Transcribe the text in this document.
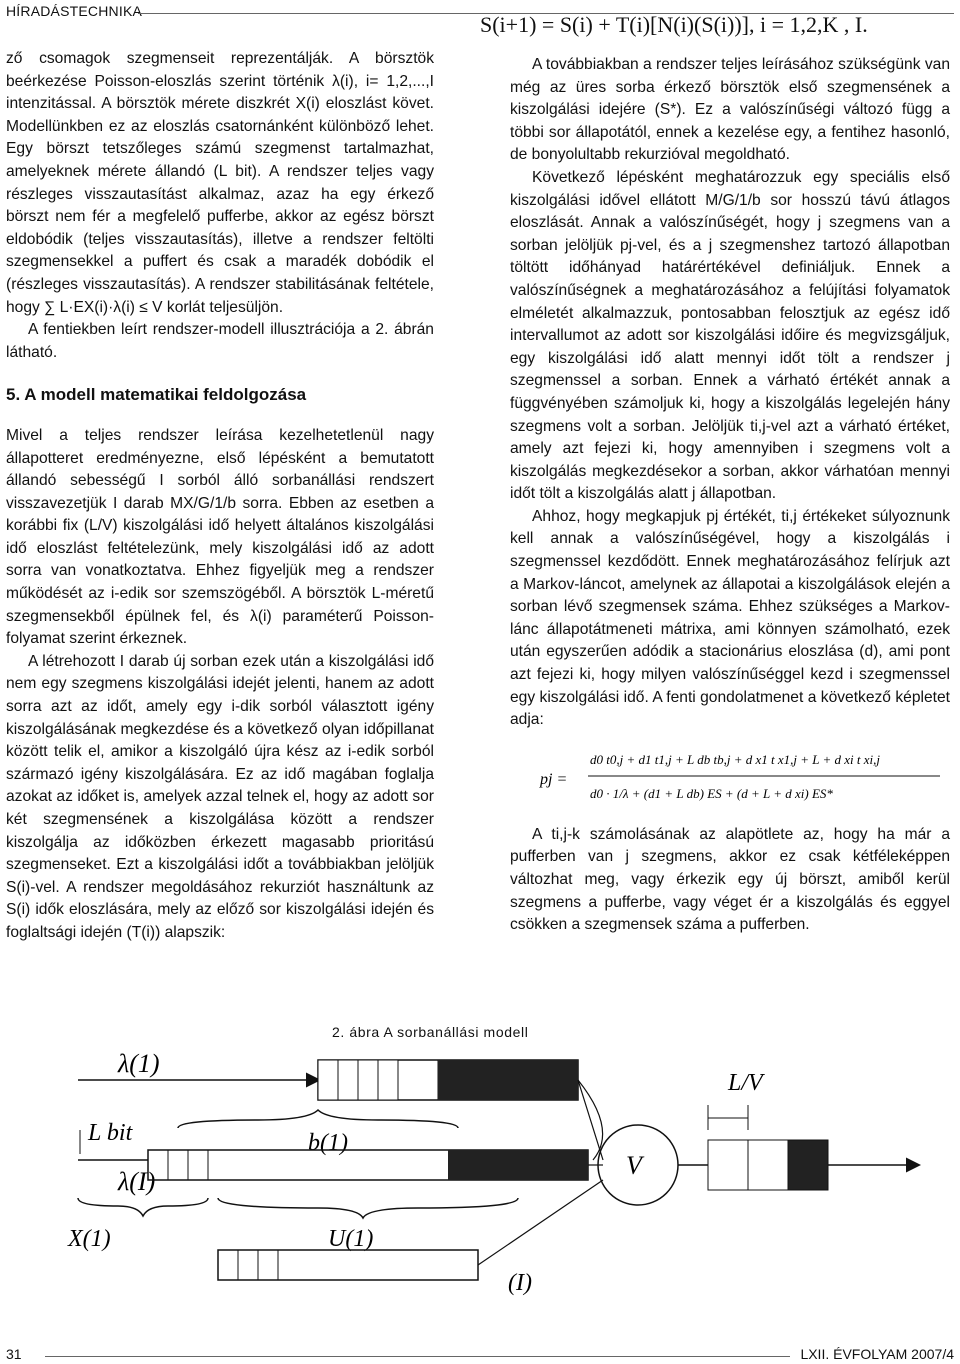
HÍRADÁSTECHNIKA

ző csomagok szegmenseit reprezentálják. A börsztök beérkezése Poisson-eloszlás szerint történik λ(i), i= 1,2,...,I intenzitással. A börsztök mérete diszkrét X(i) eloszlást követ. Modellünkben ez az eloszlás csatornánként különböző lehet. Egy börszt tetszőleges számú szegmenst tartalmazhat, amelyeknek mérete állandó (L bit). A rendszer teljes vagy részleges visszautasítást alkalmaz, azaz ha egy érkező börszt nem fér a megfelelő pufferbe, akkor az egész börszt eldobódik (teljes visszautasítás), illetve a rendszer feltölti szegmensekkel a puffert és csak a maradék dobódik el (részleges visszautasítás). A rendszer stabilitásának feltétele, hogy ∑ L·EX(i)·λ(i) ≤ V korlát teljesüljön.

A fentiekben leírt rendszer-modell illusztrációja a 2. ábrán látható.

5. A modell matematikai feldolgozása

Mivel a teljes rendszer leírása kezelhetetlenül nagy állapotteret eredményezne, első lépésként a bemutatott állandó sebességű I sorból álló sorbanállási rendszert visszavezetjük I darab MX/G/1/b sorra. Ebben az esetben a korábbi fix (L/V) kiszolgálási idő helyett általános kiszolgálási idő eloszlást feltételezünk, mely kiszolgálási idő az adott sorra van vonatkoztatva. Ehhez figyeljük meg a rendszer működését az i-edik sor szemszögéből. A börsztök L-méretű szegmensekből épülnek fel, és λ(i) paraméterű Poisson-folyamat szerint érkeznek.

A létrehozott I darab új sorban ezek után a kiszolgálási idő nem egy szegmens kiszolgálási idejét jelenti, hanem az adott sorra azt az időt, amely egy i-dik sorból választott igény kiszolgálásának megkezdése és a következő olyan időpillanat között telik el, amikor a kiszolgáló újra kész az i-edik sorból származó igény kiszolgálására. Ez az idő magában foglalja azokat az időket is, amelyek azzal telnek el, hogy az adott sor két szegmensének a kiszolgálása között a rendszer kiszolgálja az időközben érkezett magasabb prioritású szegmenseket. Ezt a kiszolgálási időt a továbbiakban jelöljük S(i)-vel. A rendszer megoldásához rekurziót használtunk az S(i) idők eloszlására, mely az előző sor kiszolgálási idején és foglaltsági idején (T(i)) alapszik:

S(i+1) = S(i) + T(i)[N(i)(S(i))], i = 1,2,K , I.

A továbbiakban a rendszer teljes leírásához szükségünk van még az üres sorba érkező börsztök első szegmensének a kiszolgálási idejére (S*). Ez a valószínűségi változó függ a többi sor állapotától, ennek a kezelése egy, a fentihez hasonló, de bonyolultabb rekurzióval megoldható.

Következő lépésként meghatározzuk egy speciális első kiszolgálási idővel ellátott M/G/1/b sor hosszú távú átlagos eloszlását. Annak a valószínűségét, hogy j szegmens van a sorban jelöljük pj-vel, és a j szegmenshez tartozó állapotban töltött időhányad határértékével definiáljuk. Ennek a valószínűségnek a meghatározásához a felújítási folyamatok elméletét alkalmazzuk, pontosabban felosztjuk az egész idő intervallumot az adott sor kiszolgálási időire és megvizsgáljuk, egy kiszolgálási idő alatt mennyi időt tölt a rendszer j szegmenssel a sorban. Ennek a várható értékét annak a függvényében számoljuk ki, hogy a kiszolgálás legelején hány szegmens volt a sorban. Jelöljük ti,j-vel azt a várható értéket, amely azt fejezi ki, hogy amennyiben i szegmens volt a kiszolgálás megkezdésekor a sorban, akkor várhatóan mennyi időt tölt a kiszolgálás alatt j állapotban.

Ahhoz, hogy megkapjuk pj értékét, ti,j értékeket súlyoznunk kell annak a valószínűségével, hogy a kiszolgálás i szegmenssel kezdődött. Ennek meghatározásához felírjuk azt a Markov-láncot, amelynek az állapotai a kiszolgálások elején a sorban lévő szegmensek száma. Ehhez szükséges a Markov-lánc állapotátmeneti mátrixa, ami könnyen számolható, ezek után egyszerűen adódik a stacionárius eloszlása (d), ami pont azt fejezi ki, hogy milyen valószínűséggel kezd i szegmenssel egy kiszolgálási idő. A fenti gondolatmenet a következő képletet adja:

pj =
d0 t0,j + d1 t1,j + L db tb,j + d x1 t x1,j + L + d xi t xi,j
d0 · 1/λ + (d1 + L db) ES + (d + L + d xi) ES*

A ti,j-k számolásának az alapötlete az, hogy ha már a pufferben van j szegmens, akkor ez csak kétféleképpen változhat meg, vagy érkezik egy új börszt, amiből kerül szegmens a pufferbe, vagy véget ér a kiszolgálás és eggyel csökken a szegmensek száma a pufferben.

2. ábra A sorbanállási modell
λ(1)
L bit	b(1)
λ(I)
X(1)	U(1)
(I)
V
L/V
31	LXII. ÉVFOLYAM 2007/4
